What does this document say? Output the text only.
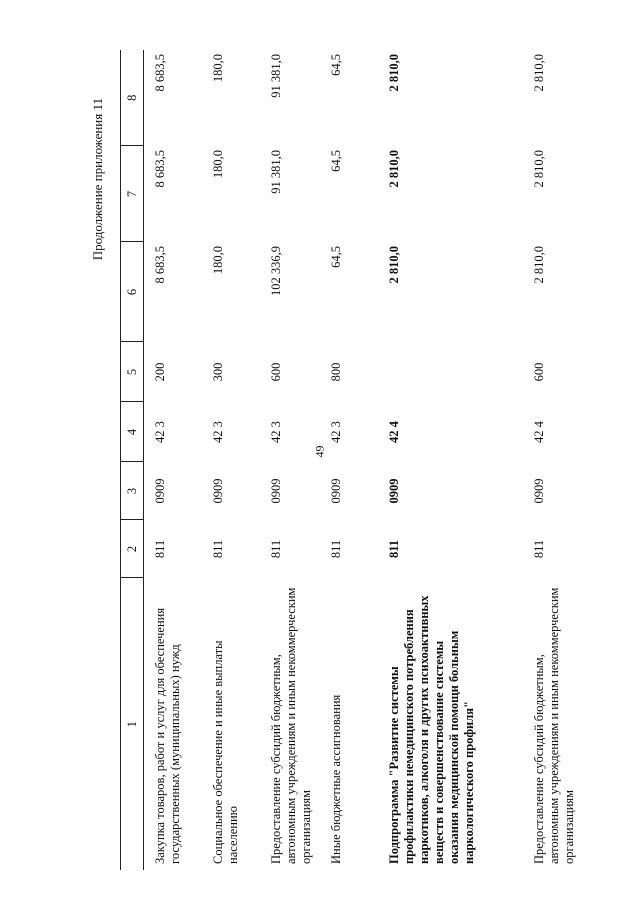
49
Продолжение приложения 11
1	2	3	4	5	6	7	8
Закупка товаров, работ и услуг для обеспечения государственных (муниципальных) нужд	811	0909	42 3	200	8 683,5	8 683,5	8 683,5
Социальное обеспечение и иные выплаты населению	811	0909	42 3	300	180,0	180,0	180,0
Предоставление субсидий бюджетным, автономным учреждениям и иным некоммерческим организациям	811	0909	42 3	600	102 336,9	91 381,0	91 381,0
Иные бюджетные ассигнования	811	0909	42 3	800	64,5	64,5	64,5
Подпрограмма "Развитие системы профилактики немедицинского потребления наркотиков, алкоголя и других психоактивных веществ и совершенствование системы оказания медицинской помощи больным наркологического профиля"	811	0909	42 4		2 810,0	2 810,0	2 810,0
Предоставление субсидий бюджетным, автономным учреждениям и иным некоммерческим организациям	811	0909	42 4	600	2 810,0	2 810,0	2 810,0
